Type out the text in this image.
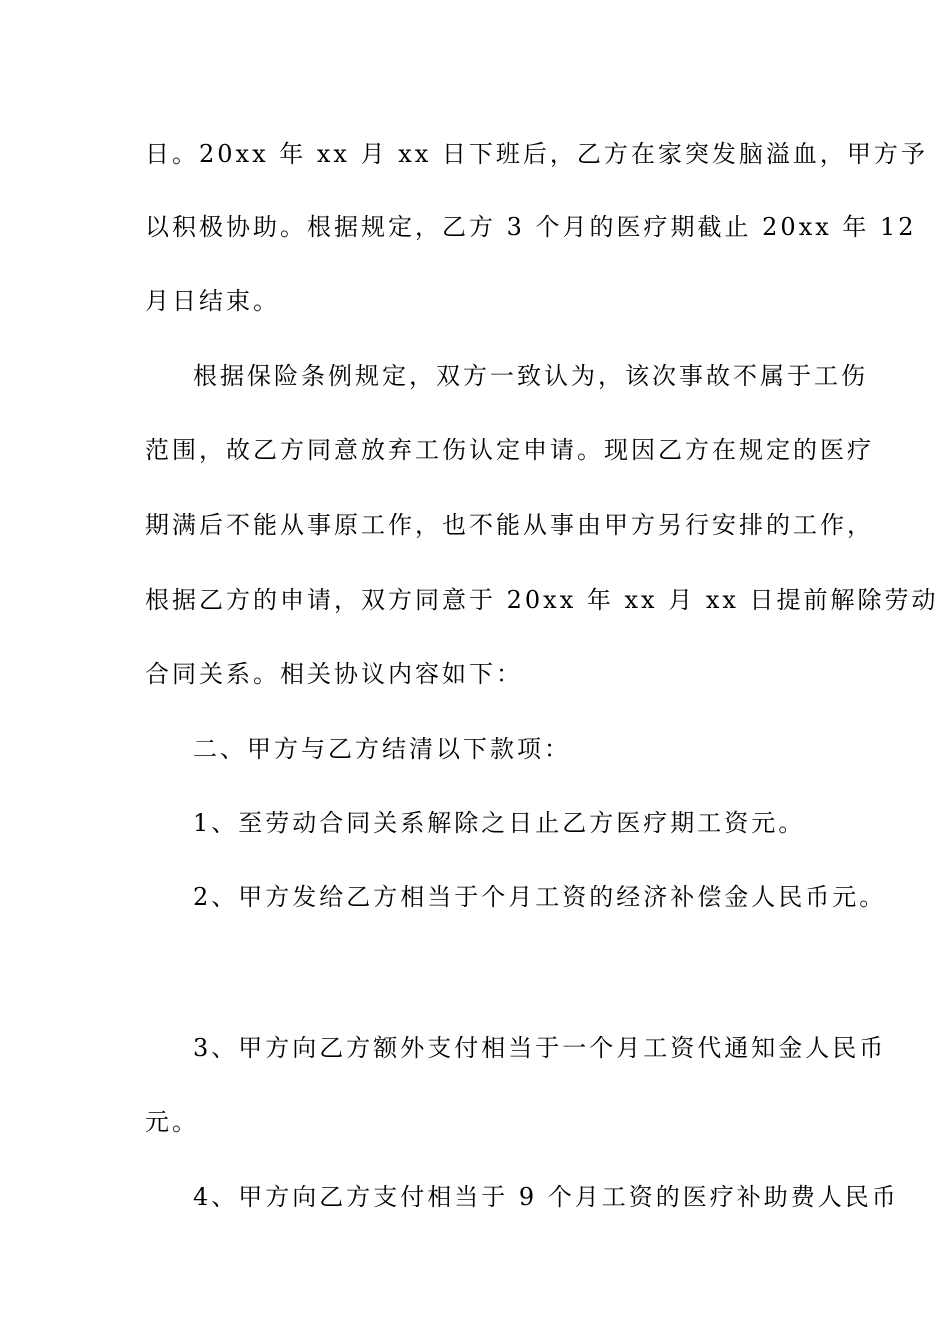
日。20xx 年 xx 月 xx 日下班后，乙方在家突发脑溢血，甲方予
以积极协助。根据规定，乙方 3 个月的医疗期截止 20xx 年 12
月日结束。
根据保险条例规定，双方一致认为，该次事故不属于工伤
范围，故乙方同意放弃工伤认定申请。现因乙方在规定的医疗
期满后不能从事原工作，也不能从事由甲方另行安排的工作，
根据乙方的申请，双方同意于 20xx 年 xx 月 xx 日提前解除劳动
合同关系。相关协议内容如下：
二、甲方与乙方结清以下款项：
1、至劳动合同关系解除之日止乙方医疗期工资元。
2、甲方发给乙方相当于个月工资的经济补偿金人民币元。
3、甲方向乙方额外支付相当于一个月工资代通知金人民币
元。
4、甲方向乙方支付相当于 9 个月工资的医疗补助费人民币
